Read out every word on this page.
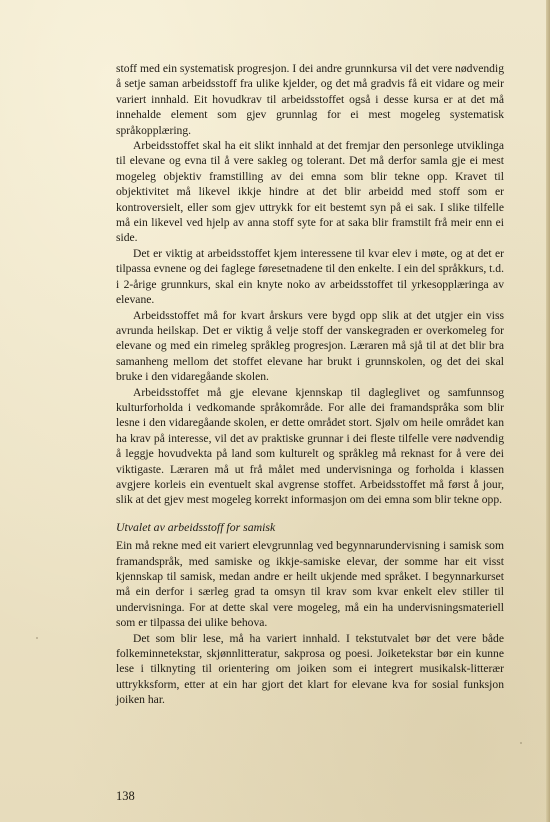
stoff med ein systematisk progresjon. I dei andre grunnkursa vil det vere nødvendig å setje saman arbeidsstoff fra ulike kjelder, og det må gradvis få eit vidare og meir variert innhald. Eit hovudkrav til arbeidsstoffet også i desse kursa er at det må innehalde element som gjev grunnlag for ei mest mogeleg systematisk språkopplæring.

Arbeidsstoffet skal ha eit slikt innhald at det fremjar den personlege utviklinga til elevane og evna til å vere sakleg og tolerant. Det må derfor samla gje ei mest mogeleg objektiv framstilling av dei emna som blir tekne opp. Kravet til objektivitet må likevel ikkje hindre at det blir arbeidd med stoff som er kontroversielt, eller som gjev uttrykk for eit bestemt syn på ei sak. I slike tilfelle må ein likevel ved hjelp av anna stoff syte for at saka blir framstilt frå meir enn ei side.

Det er viktig at arbeidsstoffet kjem interessene til kvar elev i møte, og at det er tilpassa evnene og dei faglege føresetnadene til den enkelte. I ein del språkkurs, t.d. i 2-årige grunnkurs, skal ein knyte noko av arbeidsstoffet til yrkesopplæringa av elevane.

Arbeidsstoffet må for kvart årskurs vere bygd opp slik at det utgjer ein viss avrunda heilskap. Det er viktig å velje stoff der vanskegraden er overkomeleg for elevane og med ein rimeleg språkleg progresjon. Læraren må sjå til at det blir bra samanheng mellom det stoffet elevane har brukt i grunnskolen, og det dei skal bruke i den vidaregåande skolen.

Arbeidsstoffet må gje elevane kjennskap til dagleglivet og samfunnsog kulturforholda i vedkomande språkområde. For alle dei framandspråka som blir lesne i den vidaregåande skolen, er dette området stort. Sjølv om heile området kan ha krav på interesse, vil det av praktiske grunnar i dei fleste tilfelle vere nødvendig å leggje hovudvekta på land som kulturelt og språkleg må reknast for å vere dei viktigaste. Læraren må ut frå målet med undervisninga og forholda i klassen avgjere korleis ein eventuelt skal avgrense stoffet. Arbeidsstoffet må først å jour, slik at det gjev mest mogeleg korrekt informasjon om dei emna som blir tekne opp.

Utvalet av arbeidsstoff for samisk

Ein må rekne med eit variert elevgrunnlag ved begynnarundervisning i samisk som framandspråk, med samiske og ikkje-samiske elevar, der somme har eit visst kjennskap til samisk, medan andre er heilt ukjende med språket. I begynnarkurset må ein derfor i særleg grad ta omsyn til krav som kvar enkelt elev stiller til undervisninga. For at dette skal vere mogeleg, må ein ha undervisningsmateriell som er tilpassa dei ulike behova.

Det som blir lese, må ha variert innhald. I tekstutvalet bør det vere både folkeminnetekstar, skjønnlitteratur, sakprosa og poesi. Joiketekstar bør ein kunne lese i tilknyting til orientering om joiken som ei integrert musikalsk-litterær uttrykksform, etter at ein har gjort det klart for elevane kva for sosial funksjon joiken har.

138
